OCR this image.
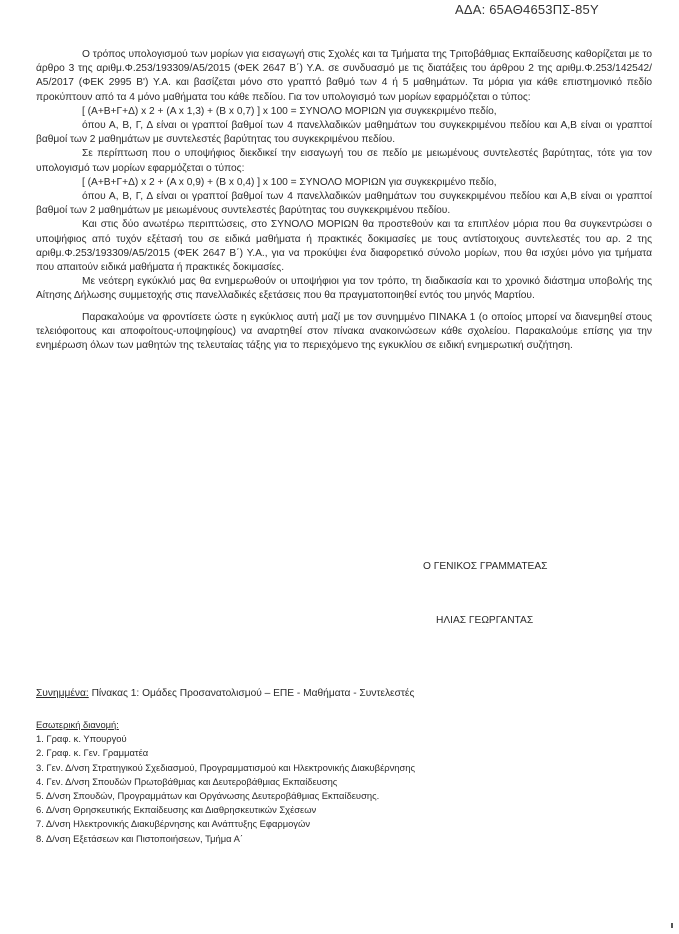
ΑΔΑ: 65ΑΘ4653ΠΣ-85Υ

Ο τρόπος υπολογισμού των μορίων για εισαγωγή στις Σχολές και τα Τμήματα της Τριτοβάθμιας Εκπαίδευσης καθορίζεται με το άρθρο 3 της αριθμ.Φ.253/193309/Α5/2015 (ΦΕΚ 2647 Β΄) Υ.Α. σε συνδυασμό με τις διατάξεις του άρθρου 2 της αριθμ.Φ.253/142542/Α5/2017 (ΦΕΚ 2995 Β') Υ.Α. και βασίζεται μόνο στο γραπτό βαθμό των 4 ή 5 μαθημάτων. Τα μόρια για κάθε επιστημονικό πεδίο προκύπτουν από τα 4 μόνο μαθήματα του κάθε πεδίου. Για τον υπολογισμό των μορίων εφαρμόζεται ο τύπος:

[ (Α+Β+Γ+Δ) x 2 + (Α x 1,3) + (Β x 0,7) ] x 100 = ΣΥΝΟΛΟ ΜΟΡΙΩΝ για συγκεκριμένο πεδίο,

όπου Α, Β, Γ, Δ είναι οι γραπτοί βαθμοί των 4 πανελλαδικών μαθημάτων του συγκεκριμένου πεδίου και Α,Β είναι οι γραπτοί βαθμοί των 2 μαθημάτων με συντελεστές βαρύτητας του συγκεκριμένου πεδίου.

Σε περίπτωση που ο υποψήφιος διεκδικεί την εισαγωγή του σε πεδίο με μειωμένους συντελεστές βαρύτητας, τότε για τον υπολογισμό των μορίων εφαρμόζεται ο τύπος:

[ (Α+Β+Γ+Δ) x 2 + (Α x 0,9) + (Β x 0,4) ] x 100 = ΣΥΝΟΛΟ ΜΟΡΙΩΝ για συγκεκριμένο πεδίο,

όπου Α, Β, Γ, Δ είναι οι γραπτοί βαθμοί των 4 πανελλαδικών μαθημάτων του συγκεκριμένου πεδίου και Α,Β είναι οι γραπτοί βαθμοί των 2 μαθημάτων με μειωμένους συντελεστές βαρύτητας του συγκεκριμένου πεδίου.

Και στις δύο ανωτέρω περιπτώσεις, στο ΣΥΝΟΛΟ ΜΟΡΙΩΝ θα προστεθούν και τα επιπλέον μόρια που θα συγκεντρώσει ο υποψήφιος από τυχόν εξέτασή του σε ειδικά μαθήματα ή πρακτικές δοκιμασίες με τους αντίστοιχους συντελεστές του αρ. 2 της αριθμ.Φ.253/193309/Α5/2015 (ΦΕΚ 2647 Β΄) Υ.Α., για να προκύψει ένα διαφορετικό σύνολο μορίων, που θα ισχύει μόνο για τμήματα που απαιτούν ειδικά μαθήματα ή πρακτικές δοκιμασίες.

Με νεότερη εγκύκλιό μας θα ενημερωθούν οι υποψήφιοι για τον τρόπο, τη διαδικασία και το χρονικό διάστημα υποβολής της Αίτησης Δήλωσης συμμετοχής στις πανελλαδικές εξετάσεις που θα πραγματοποιηθεί εντός του μηνός Μαρτίου.

Παρακαλούμε να φροντίσετε ώστε η εγκύκλιος αυτή μαζί με τον συνημμένο ΠΙΝΑΚΑ 1 (ο οποίος μπορεί να διανεμηθεί στους τελειόφοιτους και αποφοίτους-υποψηφίους) να αναρτηθεί στον πίνακα ανακοινώσεων κάθε σχολείου. Παρακαλούμε επίσης για την ενημέρωση όλων των μαθητών της τελευταίας τάξης για το περιεχόμενο της εγκυκλίου σε ειδική ενημερωτική συζήτηση.

Ο ΓΕΝΙΚΟΣ ΓΡΑΜΜΑΤΕΑΣ
ΗΛΙΑΣ ΓΕΩΡΓΑΝΤΑΣ
Συνημμένα: Πίνακας 1: Ομάδες Προσανατολισμού – ΕΠΕ - Μαθήματα - Συντελεστές
Εσωτερική διανομή:
1. Γραφ. κ. Υπουργού
2. Γραφ. κ. Γεν. Γραμματέα
3. Γεν. Δ/νση Στρατηγικού Σχεδιασμού, Προγραμματισμού και Ηλεκτρονικής Διακυβέρνησης
4. Γεν. Δ/νση Σπουδών Πρωτοβάθμιας και Δευτεροβάθμιας Εκπαίδευσης
5. Δ/νση Σπουδών, Προγραμμάτων και Οργάνωσης Δευτεροβάθμιας Εκπαίδευσης.
6. Δ/νση Θρησκευτικής Εκπαίδευσης και Διαθρησκευτικών Σχέσεων
7. Δ/νση Ηλεκτρονικής Διακυβέρνησης και Ανάπτυξης Εφαρμογών
8. Δ/νση Εξετάσεων και Πιστοποιήσεων, Τμήμα Α΄
